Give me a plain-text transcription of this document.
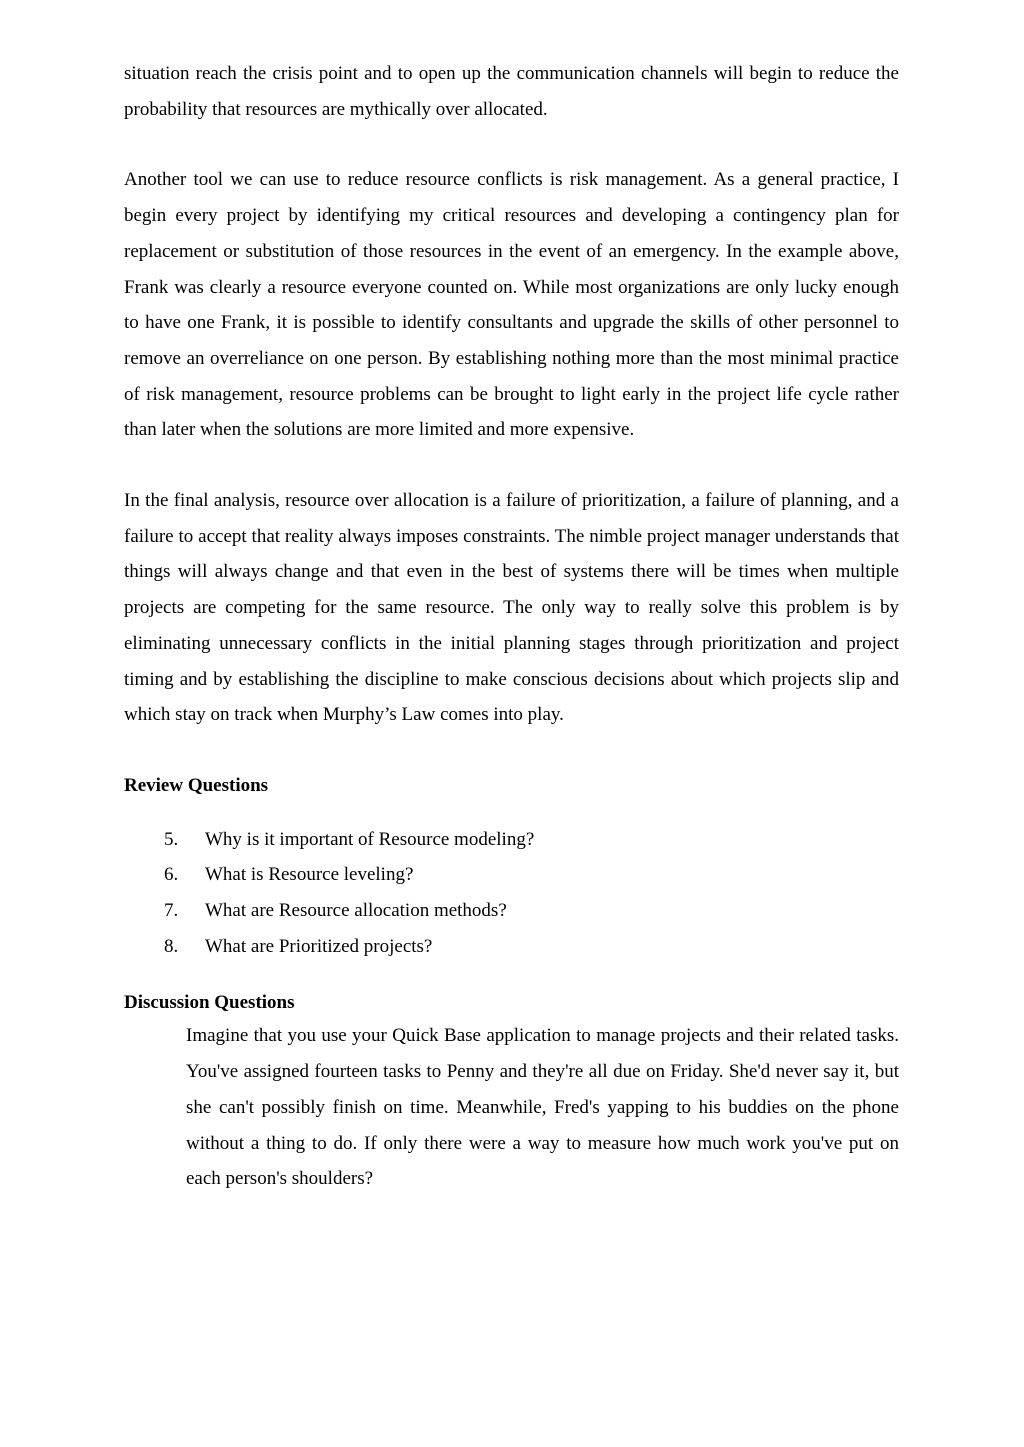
situation reach the crisis point and to open up the communication channels will begin to reduce the probability that resources are mythically over allocated.

Another tool we can use to reduce resource conflicts is risk management. As a general practice, I begin every project by identifying my critical resources and developing a contingency plan for replacement or substitution of those resources in the event of an emergency. In the example above, Frank was clearly a resource everyone counted on. While most organizations are only lucky enough to have one Frank, it is possible to identify consultants and upgrade the skills of other personnel to remove an overreliance on one person. By establishing nothing more than the most minimal practice of risk management, resource problems can be brought to light early in the project life cycle rather than later when the solutions are more limited and more expensive.

In the final analysis, resource over allocation is a failure of prioritization, a failure of planning, and a failure to accept that reality always imposes constraints. The nimble project manager understands that things will always change and that even in the best of systems there will be times when multiple projects are competing for the same resource. The only way to really solve this problem is by eliminating unnecessary conflicts in the initial planning stages through prioritization and project timing and by establishing the discipline to make conscious decisions about which projects slip and which stay on track when Murphy’s Law comes into play.

Review Questions
5.	Why is it important of Resource modeling?
6.	What is Resource leveling?
7.	What are Resource allocation methods?
8.	What are Prioritized projects?
Discussion Questions

Imagine that you use your Quick Base application to manage projects and their related tasks. You've assigned fourteen tasks to Penny and they're all due on Friday. She'd never say it, but she can't possibly finish on time. Meanwhile, Fred's yapping to his buddies on the phone without a thing to do. If only there were a way to measure how much work you've put on each person's shoulders?
